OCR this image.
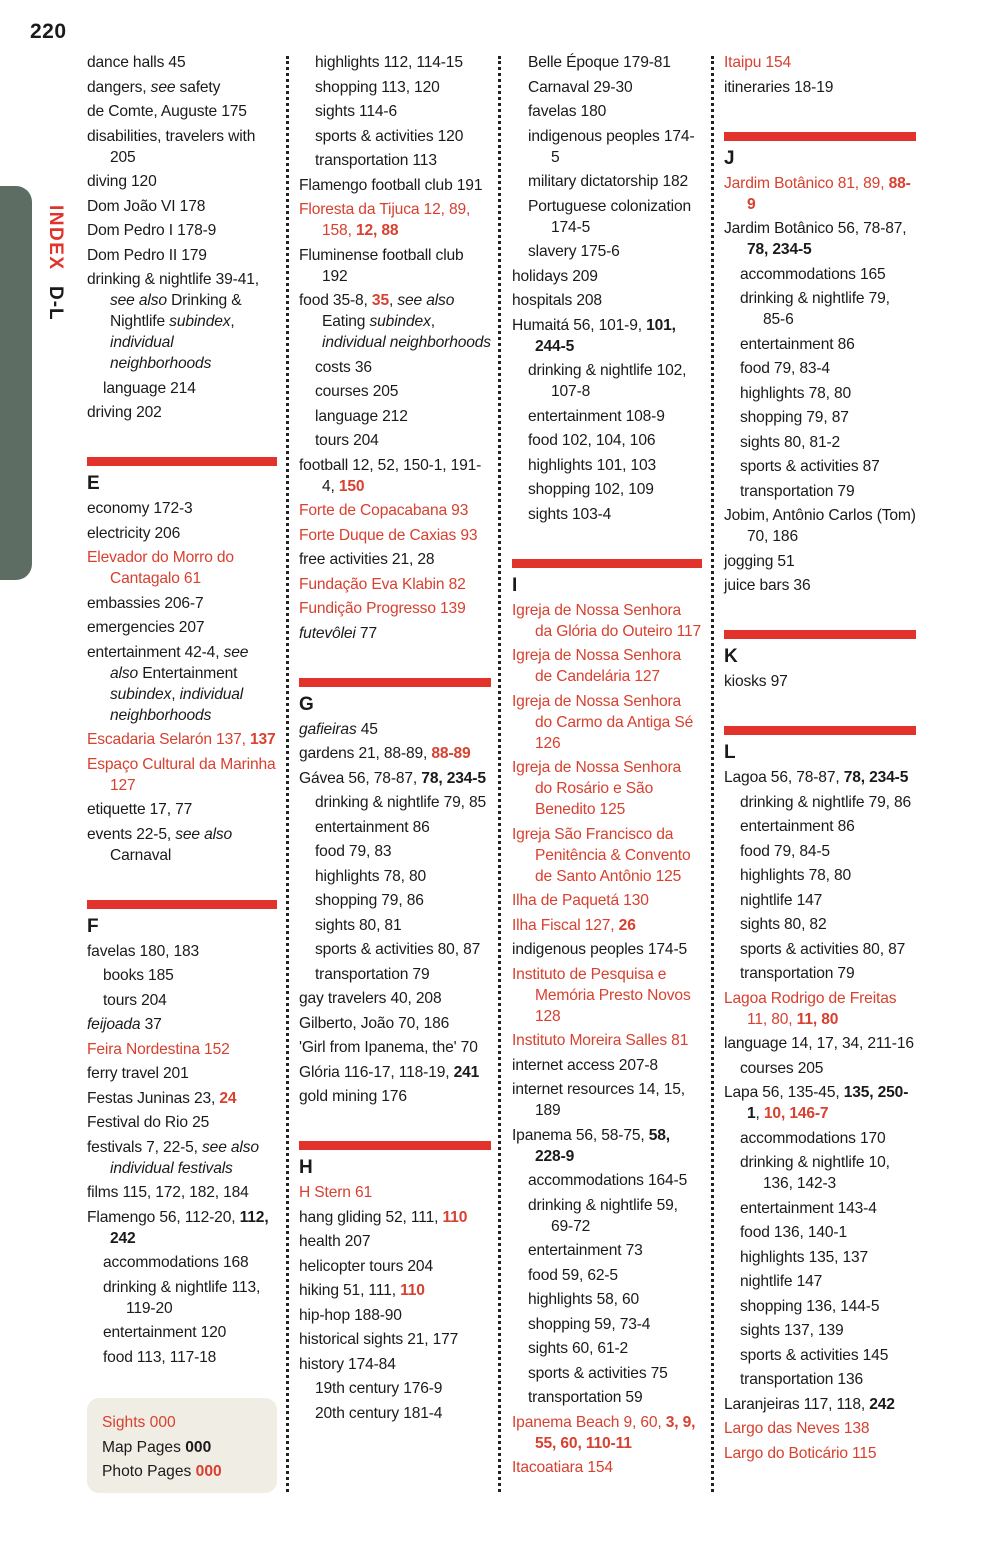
220
INDEX D-L
dance halls 45
dangers, see safety
de Comte, Auguste 175
disabilities, travelers with 205
diving 120
Dom João VI 178
Dom Pedro I 178-9
Dom Pedro II 179
drinking & nightlife 39-41, see also Drinking & Nightlife subindex, individual neighborhoods
language 214
driving 202
E
economy 172-3
electricity 206
Elevador do Morro do Cantagalo 61
embassies 206-7
emergencies 207
entertainment 42-4, see also Entertainment subindex, individual neighborhoods
Escadaria Selarón 137, 137
Espaço Cultural da Marinha 127
etiquette 17, 77
events 22-5, see also Carnaval
F
favelas 180, 183
books 185
tours 204
feijoada 37
Feira Nordestina 152
ferry travel 201
Festas Juninas 23, 24
Festival do Rio 25
festivals 7, 22-5, see also individual festivals
films 115, 172, 182, 184
Flamengo 56, 112-20, 112, 242
accommodations 168
drinking & nightlife 113, 119-20
entertainment 120
food 113, 117-18
highlights 112, 114-15
shopping 113, 120
sights 114-6
sports & activities 120
transportation 113
Flamengo football club 191
Floresta da Tijuca 12, 89, 158, 12, 88
Fluminense football club 192
food 35-8, 35, see also Eating subindex, individual neighborhoods
costs 36
courses 205
language 212
tours 204
football 12, 52, 150-1, 191-4, 150
Forte de Copacabana 93
Forte Duque de Caxias 93
free activities 21, 28
Fundação Eva Klabin 82
Fundição Progresso 139
futevôlei 77
G
gafieiras 45
gardens 21, 88-89, 88-89
Gávea 56, 78-87, 78, 234-5
drinking & nightlife 79, 85
entertainment 86
food 79, 83
highlights 78, 80
shopping 79, 86
sights 80, 81
sports & activities 80, 87
transportation 79
gay travelers 40, 208
Gilberto, João 70, 186
'Girl from Ipanema, the' 70
Glória 116-17, 118-19, 241
gold mining 176
H
H Stern 61
hang gliding 52, 111, 110
health 207
helicopter tours 204
hiking 51, 111, 110
hip-hop 188-90
historical sights 21, 177
history 174-84
19th century 176-9
20th century 181-4
Belle Époque 179-81
Carnaval 29-30
favelas 180
indigenous peoples 174-5
military dictatorship 182
Portuguese colonization 174-5
slavery 175-6
holidays 209
hospitals 208
Humaitá 56, 101-9, 101, 244-5
drinking & nightlife 102, 107-8
entertainment 108-9
food 102, 104, 106
highlights 101, 103
shopping 102, 109
sights 103-4
I
Igreja de Nossa Senhora da Glória do Outeiro 117
Igreja de Nossa Senhora de Candelária 127
Igreja de Nossa Senhora do Carmo da Antiga Sé 126
Igreja de Nossa Senhora do Rosário e São Benedito 125
Igreja São Francisco da Penitência & Convento de Santo Antônio 125
Ilha de Paquetá 130
Ilha Fiscal 127, 26
indigenous peoples 174-5
Instituto de Pesquisa e Memória Presto Novos 128
Instituto Moreira Salles 81
internet access 207-8
internet resources 14, 15, 189
Ipanema 56, 58-75, 58, 228-9
accommodations 164-5
drinking & nightlife 59, 69-72
entertainment 73
food 59, 62-5
highlights 58, 60
shopping 59, 73-4
sights 60, 61-2
sports & activities 75
transportation 59
Ipanema Beach 9, 60, 3, 9, 55, 60, 110-11
Itacoatiara 154
Itaipu 154
itineraries 18-19
J
Jardim Botânico 81, 89, 88-9
Jardim Botânico 56, 78-87, 78, 234-5
accommodations 165
drinking & nightlife 79, 85-6
entertainment 86
food 79, 83-4
highlights 78, 80
shopping 79, 87
sights 80, 81-2
sports & activities 87
transportation 79
Jobim, Antônio Carlos (Tom) 70, 186
jogging 51
juice bars 36
K
kiosks 97
L
Lagoa 56, 78-87, 78, 234-5
drinking & nightlife 79, 86
entertainment 86
food 79, 84-5
highlights 78, 80
nightlife 147
sights 80, 82
sports & activities 80, 87
transportation 79
Lagoa Rodrigo de Freitas 11, 80, 11, 80
language 14, 17, 34, 211-16
courses 205
Lapa 56, 135-45, 135, 250-1, 10, 146-7
accommodations 170
drinking & nightlife 10, 136, 142-3
entertainment 143-4
food 136, 140-1
highlights 135, 137
nightlife 147
shopping 136, 144-5
sights 137, 139
sports & activities 145
transportation 136
Laranjeiras 117, 118, 242
Largo das Neves 138
Largo do Boticário 115
Sights 000
Map Pages 000
Photo Pages 000
